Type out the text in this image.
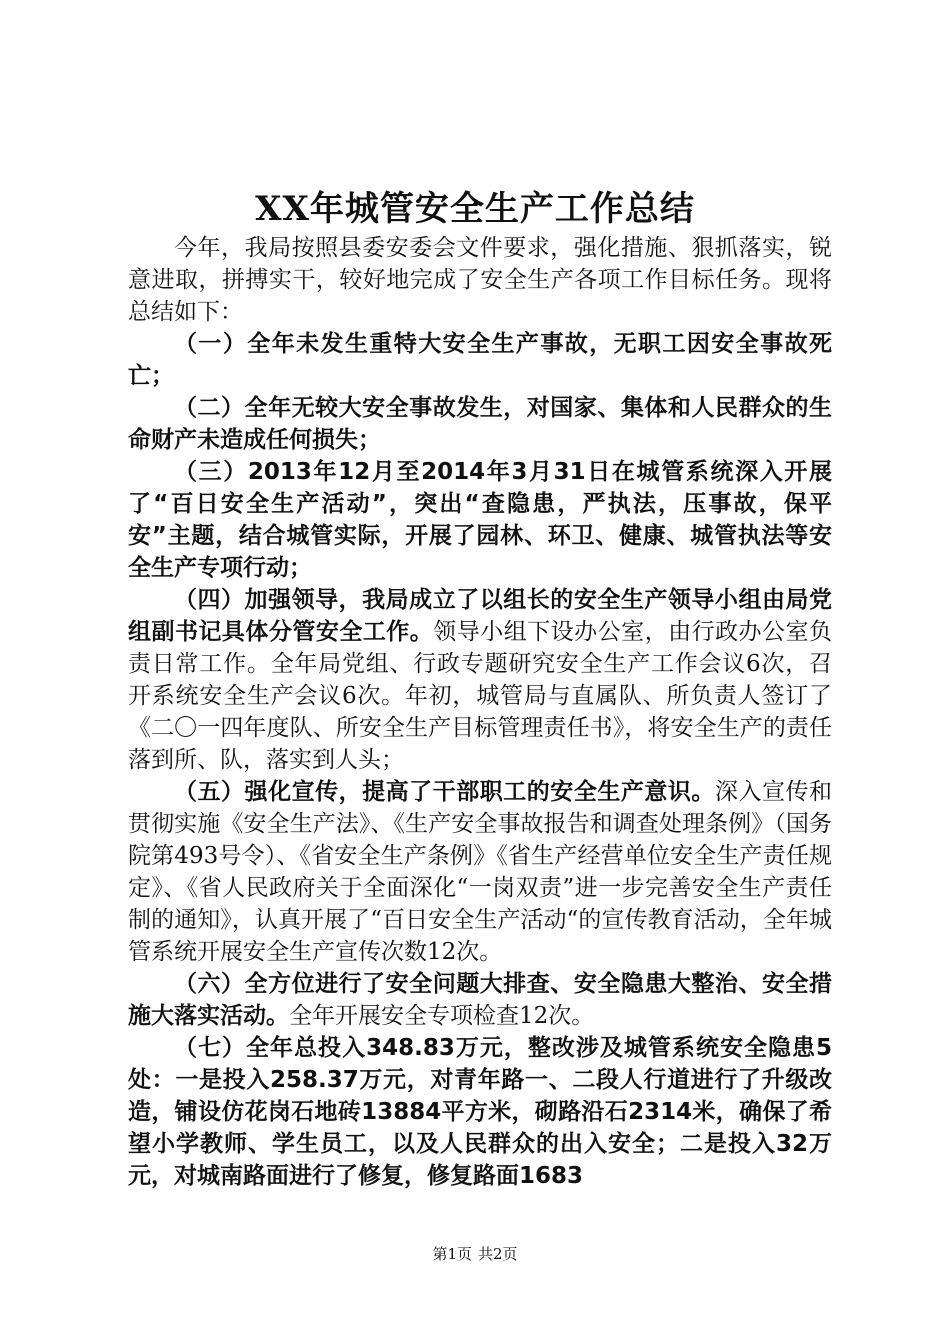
XX年城管安全生产工作总结

今年，我局按照县委安委会文件要求，强化措施、狠抓落实，锐意进取，拼搏实干，较好地完成了安全生产各项工作目标任务。现将总结如下：

（一）全年未发生重特大安全生产事故，无职工因安全事故死亡；

（二）全年无较大安全事故发生，对国家、集体和人民群众的生命财产未造成任何损失；

（三）2013年12月至2014年3月31日在城管系统深入开展了“百日安全生产活动”，突出“查隐患，严执法，压事故，保平安”主题，结合城管实际，开展了园林、环卫、健康、城管执法等安全生产专项行动；

（四）加强领导，我局成立了以组长的安全生产领导小组由局党组副书记具体分管安全工作。领导小组下设办公室，由行政办公室负责日常工作。全年局党组、行政专题研究安全生产工作会议6次，召开系统安全生产会议6次。年初，城管局与直属队、所负责人签订了《二〇一四年度队、所安全生产目标管理责任书》，将安全生产的责任落到所、队，落实到人头；

（五）强化宣传，提高了干部职工的安全生产意识。深入宣传和贯彻实施《安全生产法》、《生产安全事故报告和调查处理条例》（国务院第493号令）、《省安全生产条例》《省生产经营单位安全生产责任规定》、《省人民政府关于全面深化“一岗双责”进一步完善安全生产责任制的通知》，认真开展了“百日安全生产活动“的宣传教育活动，全年城管系统开展安全生产宣传次数12次。

（六）全方位进行了安全问题大排查、安全隐患大整治、安全措施大落实活动。全年开展安全专项检查12次。

（七）全年总投入348.83万元，整改涉及城管系统安全隐患5处：一是投入258.37万元，对青年路一、二段人行道进行了升级改造，铺设仿花岗石地砖13884平方米，砌路沿石2314米，确保了希望小学教师、学生员工，以及人民群众的出入安全；二是投入32万元，对城南路面进行了修复，修复路面1683

第1页 共2页
